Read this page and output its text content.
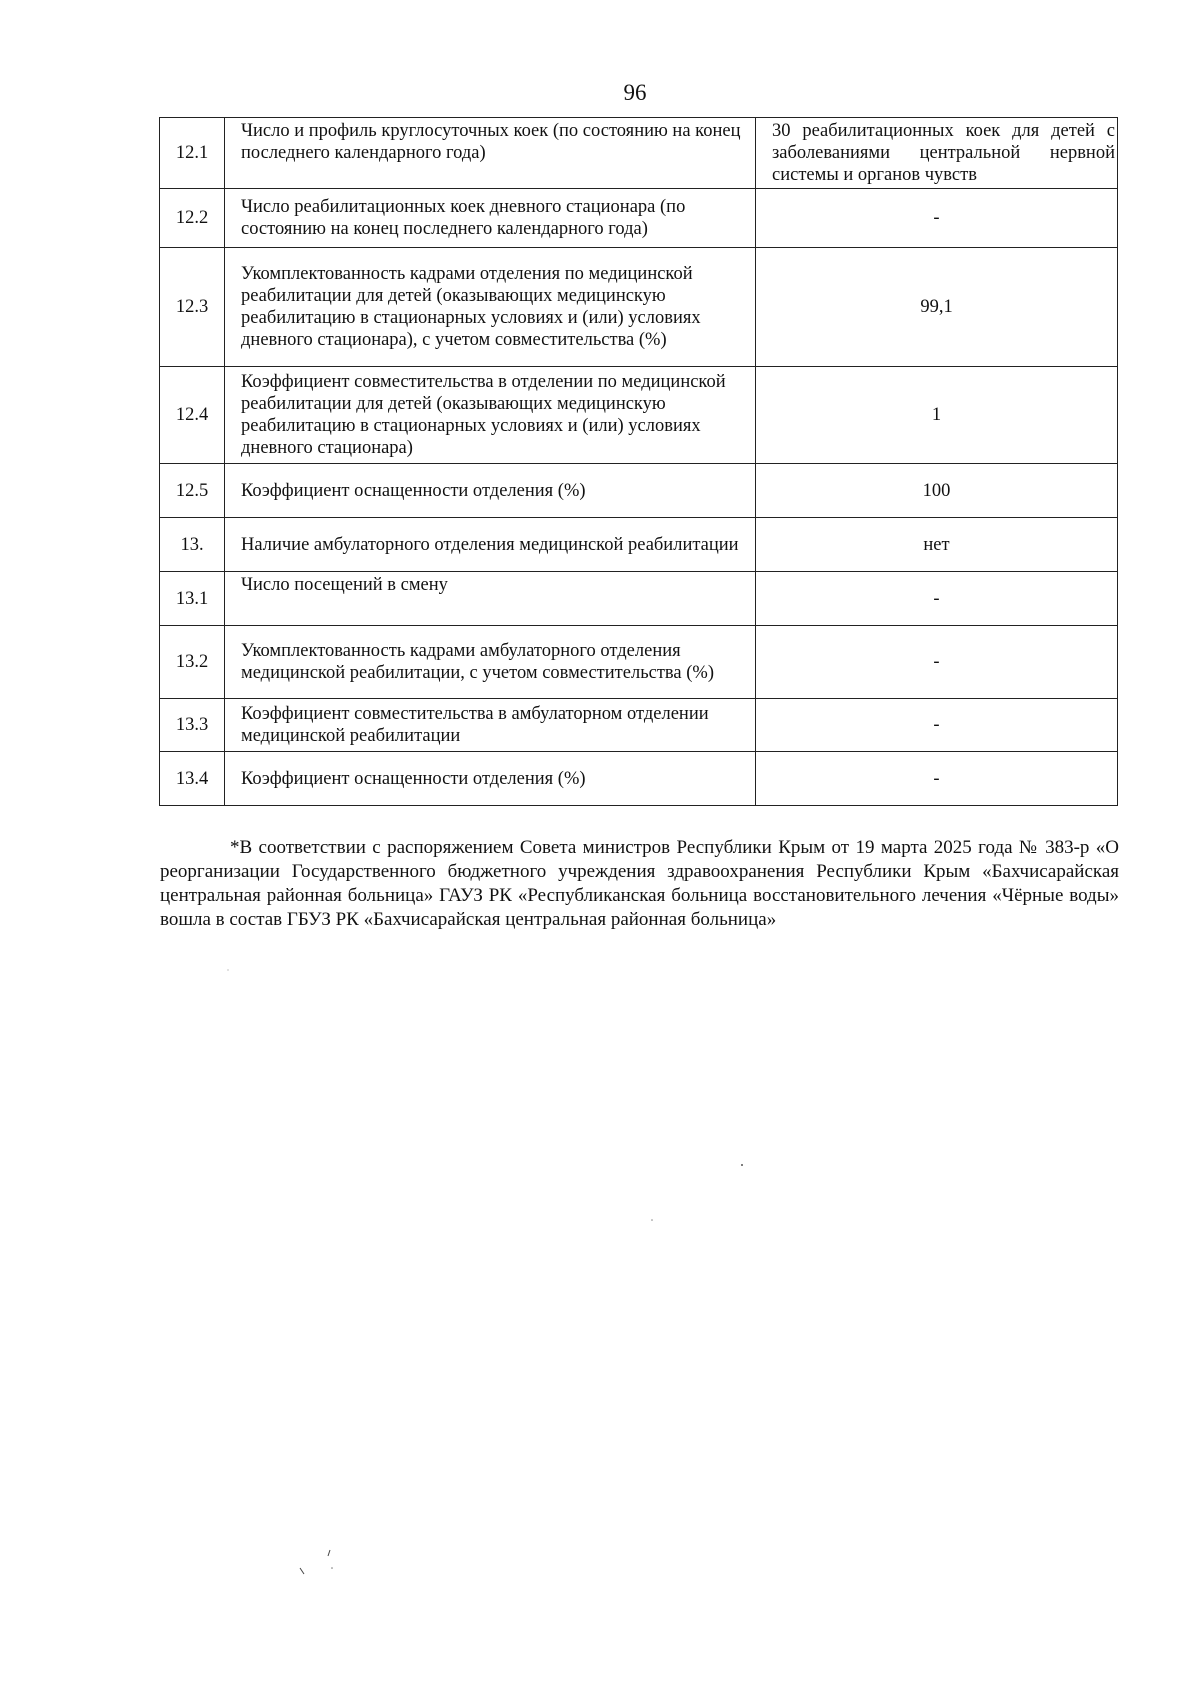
96
12.1	Число и профиль круглосуточных коек (по состоянию на конец последнего календарного года)	30 реабилитационных коек для детей с заболеваниями центральной нервной системы и органов чувств
12.2	Число реабилитационных коек дневного стационара (по состоянию на конец последнего календарного года)	-
12.3	Укомплектованность кадрами отделения по медицинской реабилитации для детей (оказывающих медицинскую реабилитацию в стационарных условиях и (или) условиях дневного стационара), с учетом совместительства (%)	99,1
12.4	Коэффициент совместительства в отделении по медицинской реабилитации для детей (оказывающих медицинскую реабилитацию в стационарных условиях и (или) условиях дневного стационара)	1
12.5	Коэффициент оснащенности отделения (%)	100
13.	Наличие амбулаторного отделения медицинской реабилитации	нет
13.1	Число посещений в смену	-
13.2	Укомплектованность кадрами амбулаторного отделения медицинской реабилитации, с учетом совместительства (%)	-
13.3	Коэффициент совместительства в амбулаторном отделении медицинской реабилитации	-
13.4	Коэффициент оснащенности отделения (%)	-
*В соответствии с распоряжением Совета министров Республики Крым от 19 марта 2025 года № 383-р «О реорганизации Государственного бюджетного учреждения здравоохранения Республики Крым «Бахчисарайская центральная районная больница» ГАУЗ РК «Республиканская больница восстановительного лечения «Чёрные воды» вошла в состав ГБУЗ РК «Бахчисарайская центральная районная больница»
